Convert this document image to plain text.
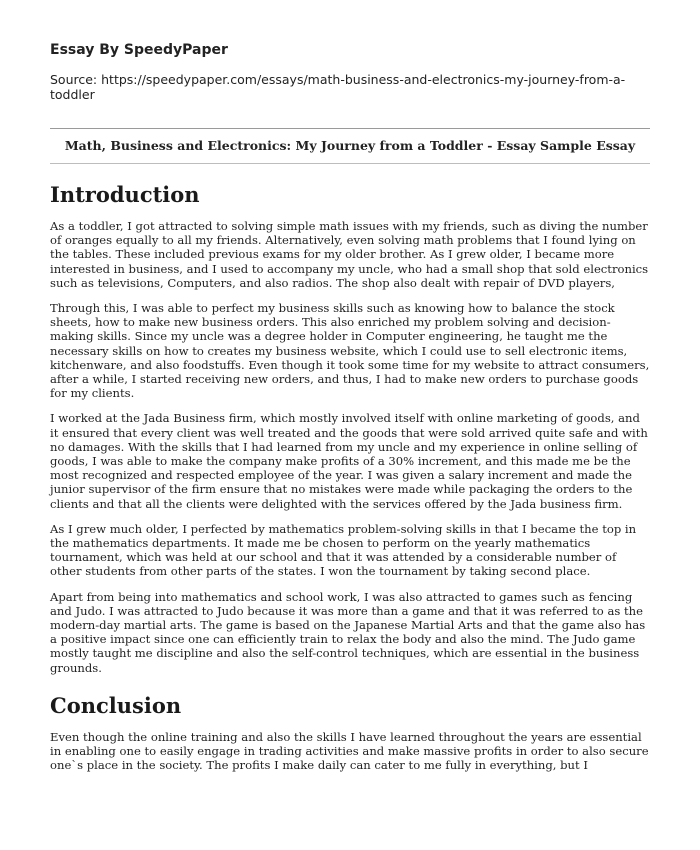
Essay By SpeedyPaper

Source: https://speedypaper.com/essays/math-business-and-electronics-my-journey-from-a-toddler

Math, Business and Electronics: My Journey from a Toddler - Essay Sample Essay
Introduction

As a toddler, I got attracted to solving simple math issues with my friends, such as diving the number of oranges equally to all my friends. Alternatively, even solving math problems that I found lying on the tables. These included previous exams for my older brother. As I grew older, I became more interested in business, and I used to accompany my uncle, who had a small shop that sold electronics such as televisions, Computers, and also radios. The shop also dealt with repair of DVD players,

Through this, I was able to perfect my business skills such as knowing how to balance the stock sheets, how to make new business orders. This also enriched my problem solving and decision-making skills. Since my uncle was a degree holder in Computer engineering, he taught me the necessary skills on how to creates my business website, which I could use to sell electronic items, kitchenware, and also foodstuffs. Even though it took some time for my website to attract consumers, after a while, I started receiving new orders, and thus, I had to make new orders to purchase goods for my clients.

I worked at the Jada Business firm, which mostly involved itself with online marketing of goods, and it ensured that every client was well treated and the goods that were sold arrived quite safe and with no damages. With the skills that I had learned from my uncle and my experience in online selling of goods, I was able to make the company make profits of a 30% increment, and this made me be the most recognized and respected employee of the year. I was given a salary increment and made the junior supervisor of the firm ensure that no mistakes were made while packaging the orders to the clients and that all the clients were delighted with the services offered by the Jada business firm.

As I grew much older, I perfected by mathematics problem-solving skills in that I became the top in the mathematics departments. It made me be chosen to perform on the yearly mathematics tournament, which was held at our school and that it was attended by a considerable number of other students from other parts of the states. I won the tournament by taking second place.

Apart from being into mathematics and school work, I was also attracted to games such as fencing and Judo. I was attracted to Judo because it was more than a game and that it was referred to as the modern-day martial arts. The game is based on the Japanese Martial Arts and that the game also has a positive impact since one can efficiently train to relax the body and also the mind. The Judo game mostly taught me discipline and also the self-control techniques, which are essential in the business grounds.

Conclusion

Even though the online training and also the skills I have learned throughout the years are essential in enabling one to easily engage in trading activities and make massive profits in order to also secure one`s place in the society. The profits I make daily can cater to me fully in everything, but I
